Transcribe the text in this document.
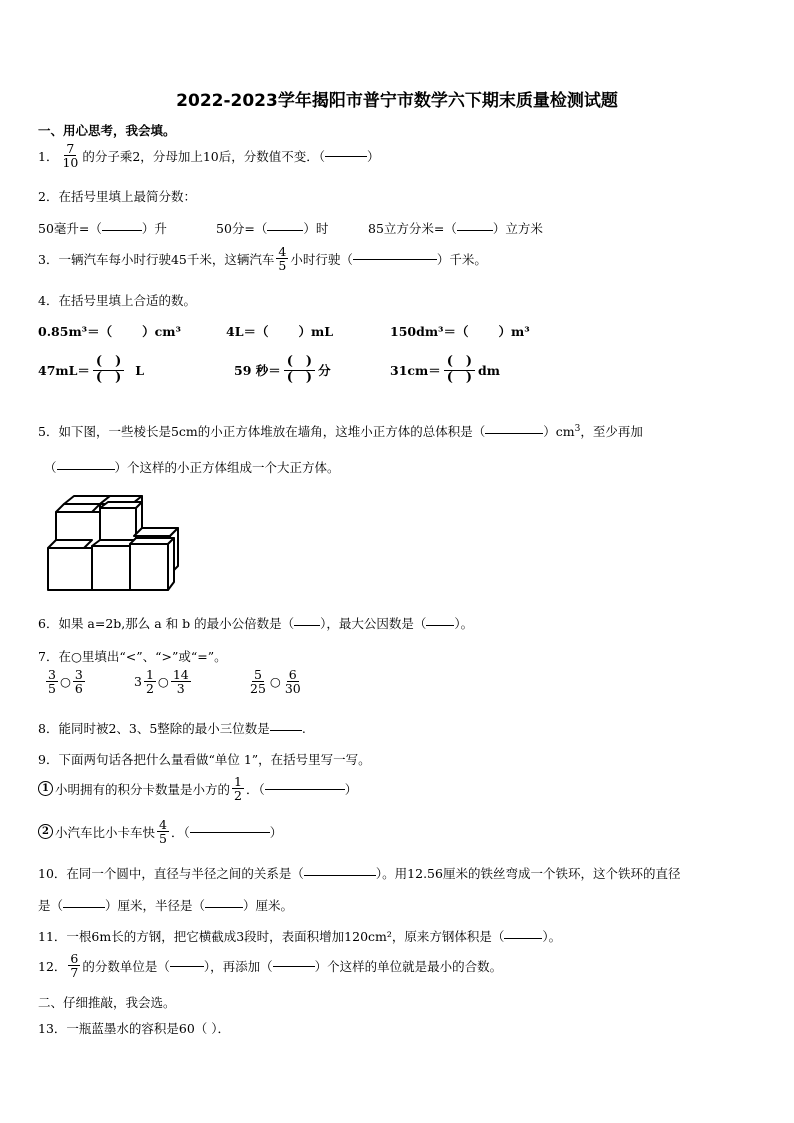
2022-2023学年揭阳市普宁市数学六下期末质量检测试题
一、用心思考，我会填。
1． $\frac{7}{10}$ 的分子乘2，分母加上10后，分数值不变．（	）
2．在括号里填上最简分数：
50毫升=（	）升	50分=（	）时	85立方分米=（	）立方米
3． 一辆汽车每小时行驶45千米，这辆汽车 $\frac{4}{5}$ 小时行驶（	）千米。
4．在括号里填上合适的数。
0.85m³＝（ ）cm³	4L＝（ ）mL	150dm³＝（ ）m³
$47mL= \frac{( )}{( )}$ L	59 秒＝ $\frac{( )}{( )}$ 分	$31cm= \frac{( )}{( )}$ dm
5．如下图，一些棱长是5cm的小正方体堆放在墙角，这堆小正方体的总体积是（	）$cm^3$，至少再加
（	）个这样的小正方体组成一个大正方体。
6．如果 a=2b,那么 a 和 b 的最小公倍数是（ ），最大公因数是（ ）。
7．在○里填出“<”、“>”或“=”。
$\frac{3}{5}$ ○ $\frac{3}{6}$	$3 \frac{1}{2}$ ○ $\frac{14}{3}$	$\frac{5}{25}$ ○ $\frac{6}{30}$
8．能同时被2、3、5整除的最小三位数是	.
9．下面两句话各把什么量看做“单位 1”，在括号里写一写。
1 小明拥有的积分卡数量是小方的 $\frac{1}{2}$ ．（	）
2 小汽车比小卡车快 $\frac{4}{5}$ ．（	）
10．在同一个圆中，直径与半径之间的关系是（	）。用12.56厘米的铁丝弯成一个铁环，这个铁环的直径
是（	）厘米，半径是（	）厘米。
11．一根6m长的方钢，把它横截成3段时，表面积增加120cm²，原来方钢体积是（	）。
12． $\frac{6}{7}$ 的分数单位是（	），再添加（	）个这样的单位就是最小的合数。
二、仔细推敲，我会选。
13．一瓶蓝墨水的容积是60（ ）．
